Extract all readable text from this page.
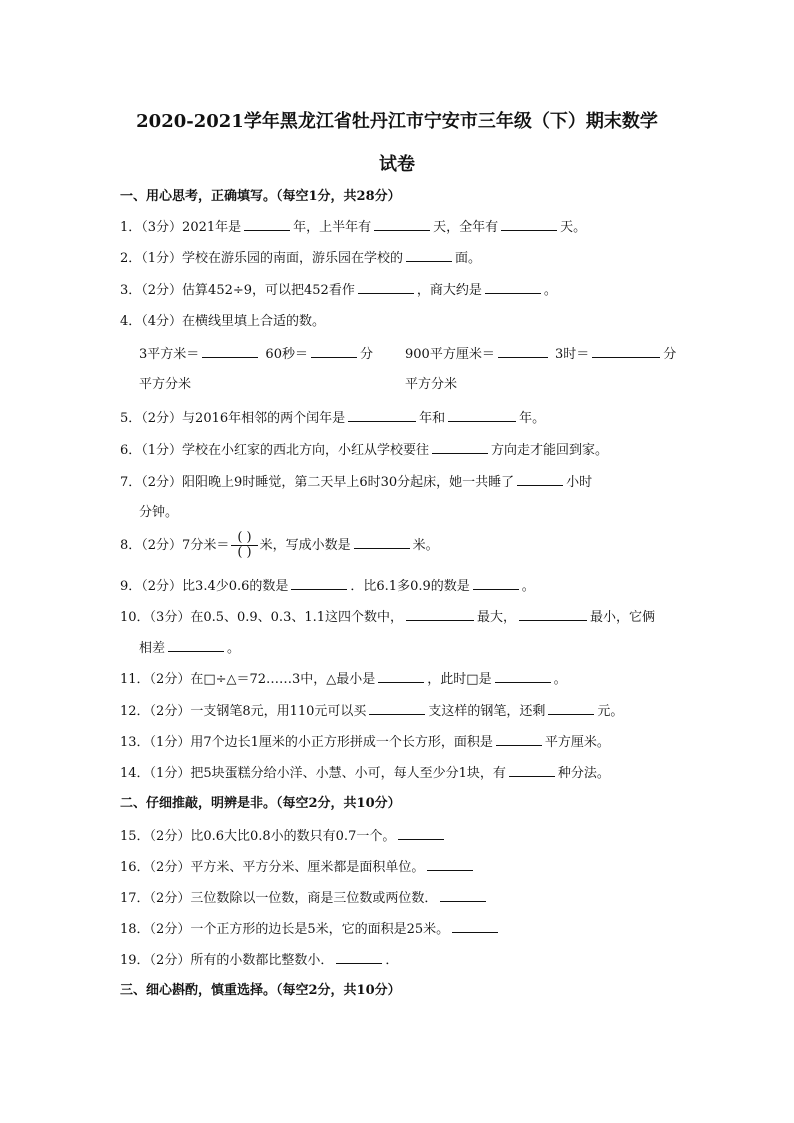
2020-2021学年黑龙江省牡丹江市宁安市三年级（下）期末数学
试卷
一、用心思考，正确填写。（每空1分，共28分）
1．（3分）2021年是	年，上半年有	天，全年有	天。
2．（1分）学校在游乐园的南面，游乐园在学校的	面。
3．（2分）估算452÷9，可以把452看作	，商大约是	。
4．（4分）在横线里填上合适的数。
3平方米＝	60秒＝	分 900平方厘米＝	3时＝	分
平方分米	平方分米
5．（2分）与2016年相邻的两个闰年是	年和	年。
6．（1分）学校在小红家的西北方向，小红从学校要往	方向走才能回到家。
7．（2分）阳阳晚上9时睡觉，第二天早上6时30分起床，她一共睡了	小时
分钟。
8．（2分）7分米＝ $\frac{( )}{( )}$ 米，写成小数是	米。
9．（2分）比3.4少0.6的数是	．比6.1多0.9的数是	。
10．（3分）在0.5、0.9、0.3、1.1这四个数中，	最大，	最小，它俩
相差	。
11．（2分）在□÷△＝72……3中，△最小是	，此时□是	。
12．（2分）一支钢笔8元，用110元可以买	支这样的钢笔，还剩	元。
13．（1分）用7个边长1厘米的小正方形拼成一个长方形，面积是	平方厘米。
14．（1分）把5块蛋糕分给小洋、小慧、小可，每人至少分1块，有	种分法。
二、仔细推敲，明辨是非。（每空2分，共10分）
15．（2分）比0.6大比0.8小的数只有0.7一个。
16．（2分）平方米、平方分米、厘米都是面积单位。
17．（2分）三位数除以一位数，商是三位数或两位数．
18．（2分）一个正方形的边长是5米，它的面积是25米。
19．（2分）所有的小数都比整数小．	．
三、细心斟酌，慎重选择。（每空2分，共10分）
